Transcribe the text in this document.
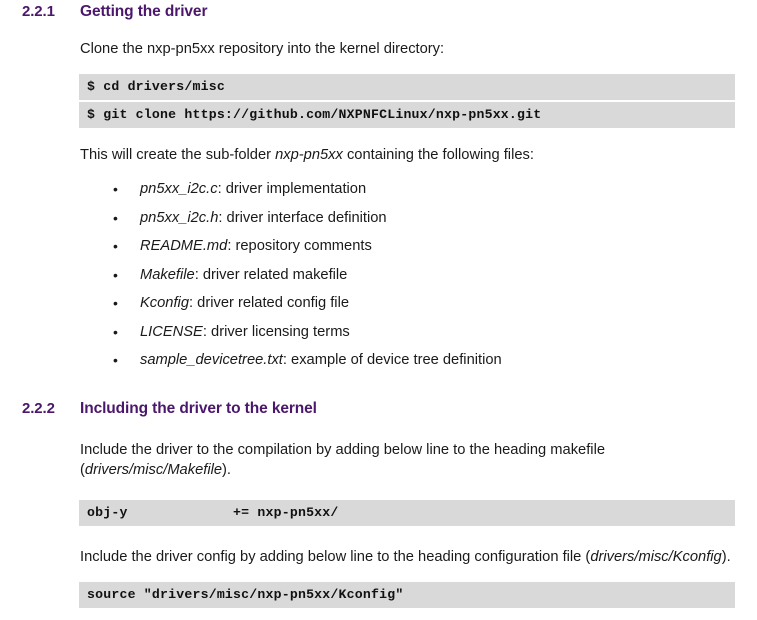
2.2.1	Getting the driver
Clone the nxp-pn5xx repository into the kernel directory:
$ cd drivers/misc
$ git clone https://github.com/NXPNFCLinux/nxp-pn5xx.git
This will create the sub-folder nxp-pn5xx containing the following files:
• pn5xx_i2c.c: driver implementation
• pn5xx_i2c.h: driver interface definition
• README.md: repository comments
• Makefile: driver related makefile
• Kconfig: driver related config file
• LICENSE: driver licensing terms
• sample_devicetree.txt: example of device tree definition
2.2.2	Including the driver to the kernel
Include the driver to the compilation by adding below line to the heading makefile (drivers/misc/Makefile).
obj-y             += nxp-pn5xx/
Include the driver config by adding below line to the heading configuration file (drivers/misc/Kconfig).
source "drivers/misc/nxp-pn5xx/Kconfig"
